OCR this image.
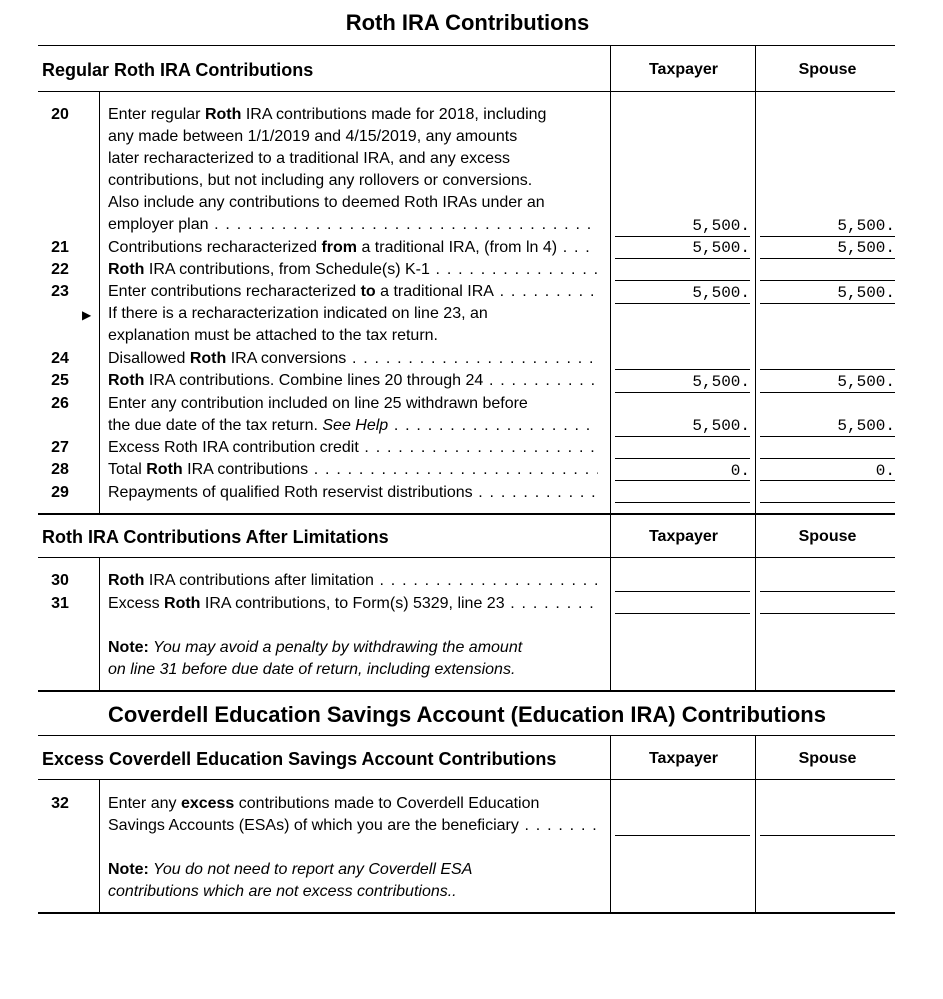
Roth IRA Contributions
Regular Roth IRA Contributions	Taxpayer	Spouse
20	Enter regular Roth IRA contributions made for 2018, including
any made between 1/1/2019 and 4/15/2019, any amounts
later recharacterized to a traditional IRA, and any excess
contributions, but not including any rollovers or conversions.
Also include any contributions to deemed Roth IRAs under an
employer plan . . .	5,500.	5,500.
21	Contributions recharacterized from a traditional IRA, (from ln 4) . . .	5,500.	5,500.
22	Roth IRA contributions, from Schedule(s) K-1 . . .
23	Enter contributions recharacterized to a traditional IRA . . .	5,500.	5,500.
▶ If there is a recharacterization indicated on line 23, an
explanation must be attached to the tax return.
24	Disallowed Roth IRA conversions . . .
25	Roth IRA contributions. Combine lines 20 through 24 . . .	5,500.	5,500.
26	Enter any contribution included on line 25 withdrawn before
the due date of the tax return. See Help . . .	5,500.	5,500.
27	Excess Roth IRA contribution credit . . .
28	Total Roth IRA contributions . . .	0.	0.
29	Repayments of qualified Roth reservist distributions . . .
Roth IRA Contributions After Limitations	Taxpayer	Spouse
30	Roth IRA contributions after limitation . . .
31	Excess Roth IRA contributions, to Form(s) 5329, line 23 . . .
Note: You may avoid a penalty by withdrawing the amount
on line 31 before due date of return, including extensions.
Coverdell Education Savings Account (Education IRA) Contributions
Excess Coverdell Education Savings Account Contributions	Taxpayer	Spouse
32	Enter any excess contributions made to Coverdell Education
Savings Accounts (ESAs) of which you are the beneficiary . . .
Note: You do not need to report any Coverdell ESA
contributions which are not excess contributions..
